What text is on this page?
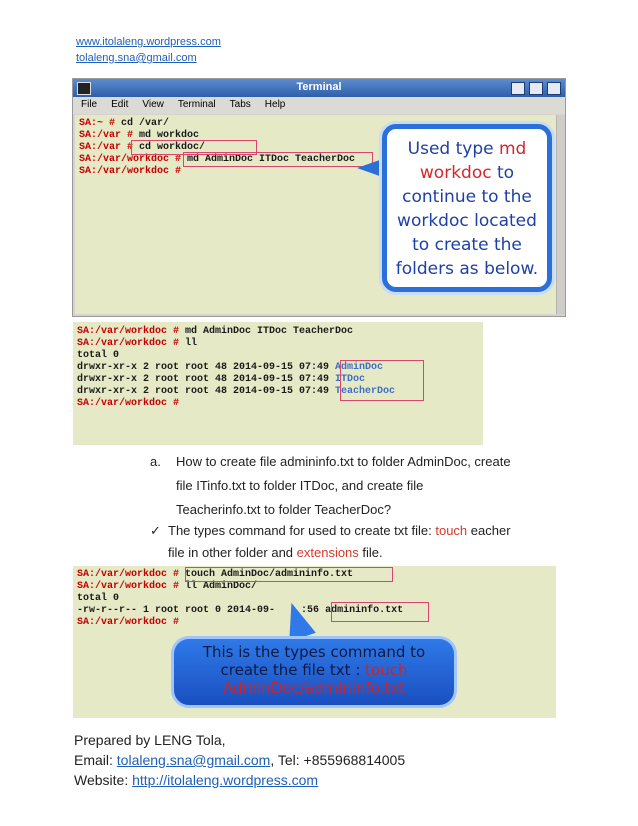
www.itolaleng.wordpress.com
tolaleng.sna@gmail.com
Terminal
File	Edit	View	Terminal	Tabs	Help
SA:~ # cd /var/
SA:/var # md workdoc
SA:/var # cd workdoc/
SA:/var/workdoc # md AdminDoc ITDoc TeacherDoc
SA:/var/workdoc #
Used type md
workdoc to
continue to the
workdoc located
to create the
folders as below.
SA:/var/workdoc # md AdminDoc ITDoc TeacherDoc
SA:/var/workdoc # ll
total 0
drwxr-xr-x 2 root root 48 2014-09-15 07:49 AdminDoc
drwxr-xr-x 2 root root 48 2014-09-15 07:49 ITDoc
drwxr-xr-x 2 root root 48 2014-09-15 07:49 TeacherDoc
SA:/var/workdoc #
a. How to create file admininfo.txt to folder AdminDoc, create
file ITinfo.txt to folder ITDoc, and create file
Teacherinfo.txt to folder TeacherDoc?
✓ The types command for used to create txt file: touch eacher
file in other folder and extensions file.
SA:/var/workdoc # touch AdminDoc/admininfo.txt
SA:/var/workdoc # ll AdminDoc/
total 0
-rw-r--r-- 1 root root 0 2014-09-	:56 admininfo.txt
SA:/var/workdoc #
This is the types command to
create the file txt : touch
AdminDoc/admininfo.txt
Prepared by LENG Tola,
Email: tolaleng.sna@gmail.com, Tel: +855968814005
Website: http://itolaleng.wordpress.com
